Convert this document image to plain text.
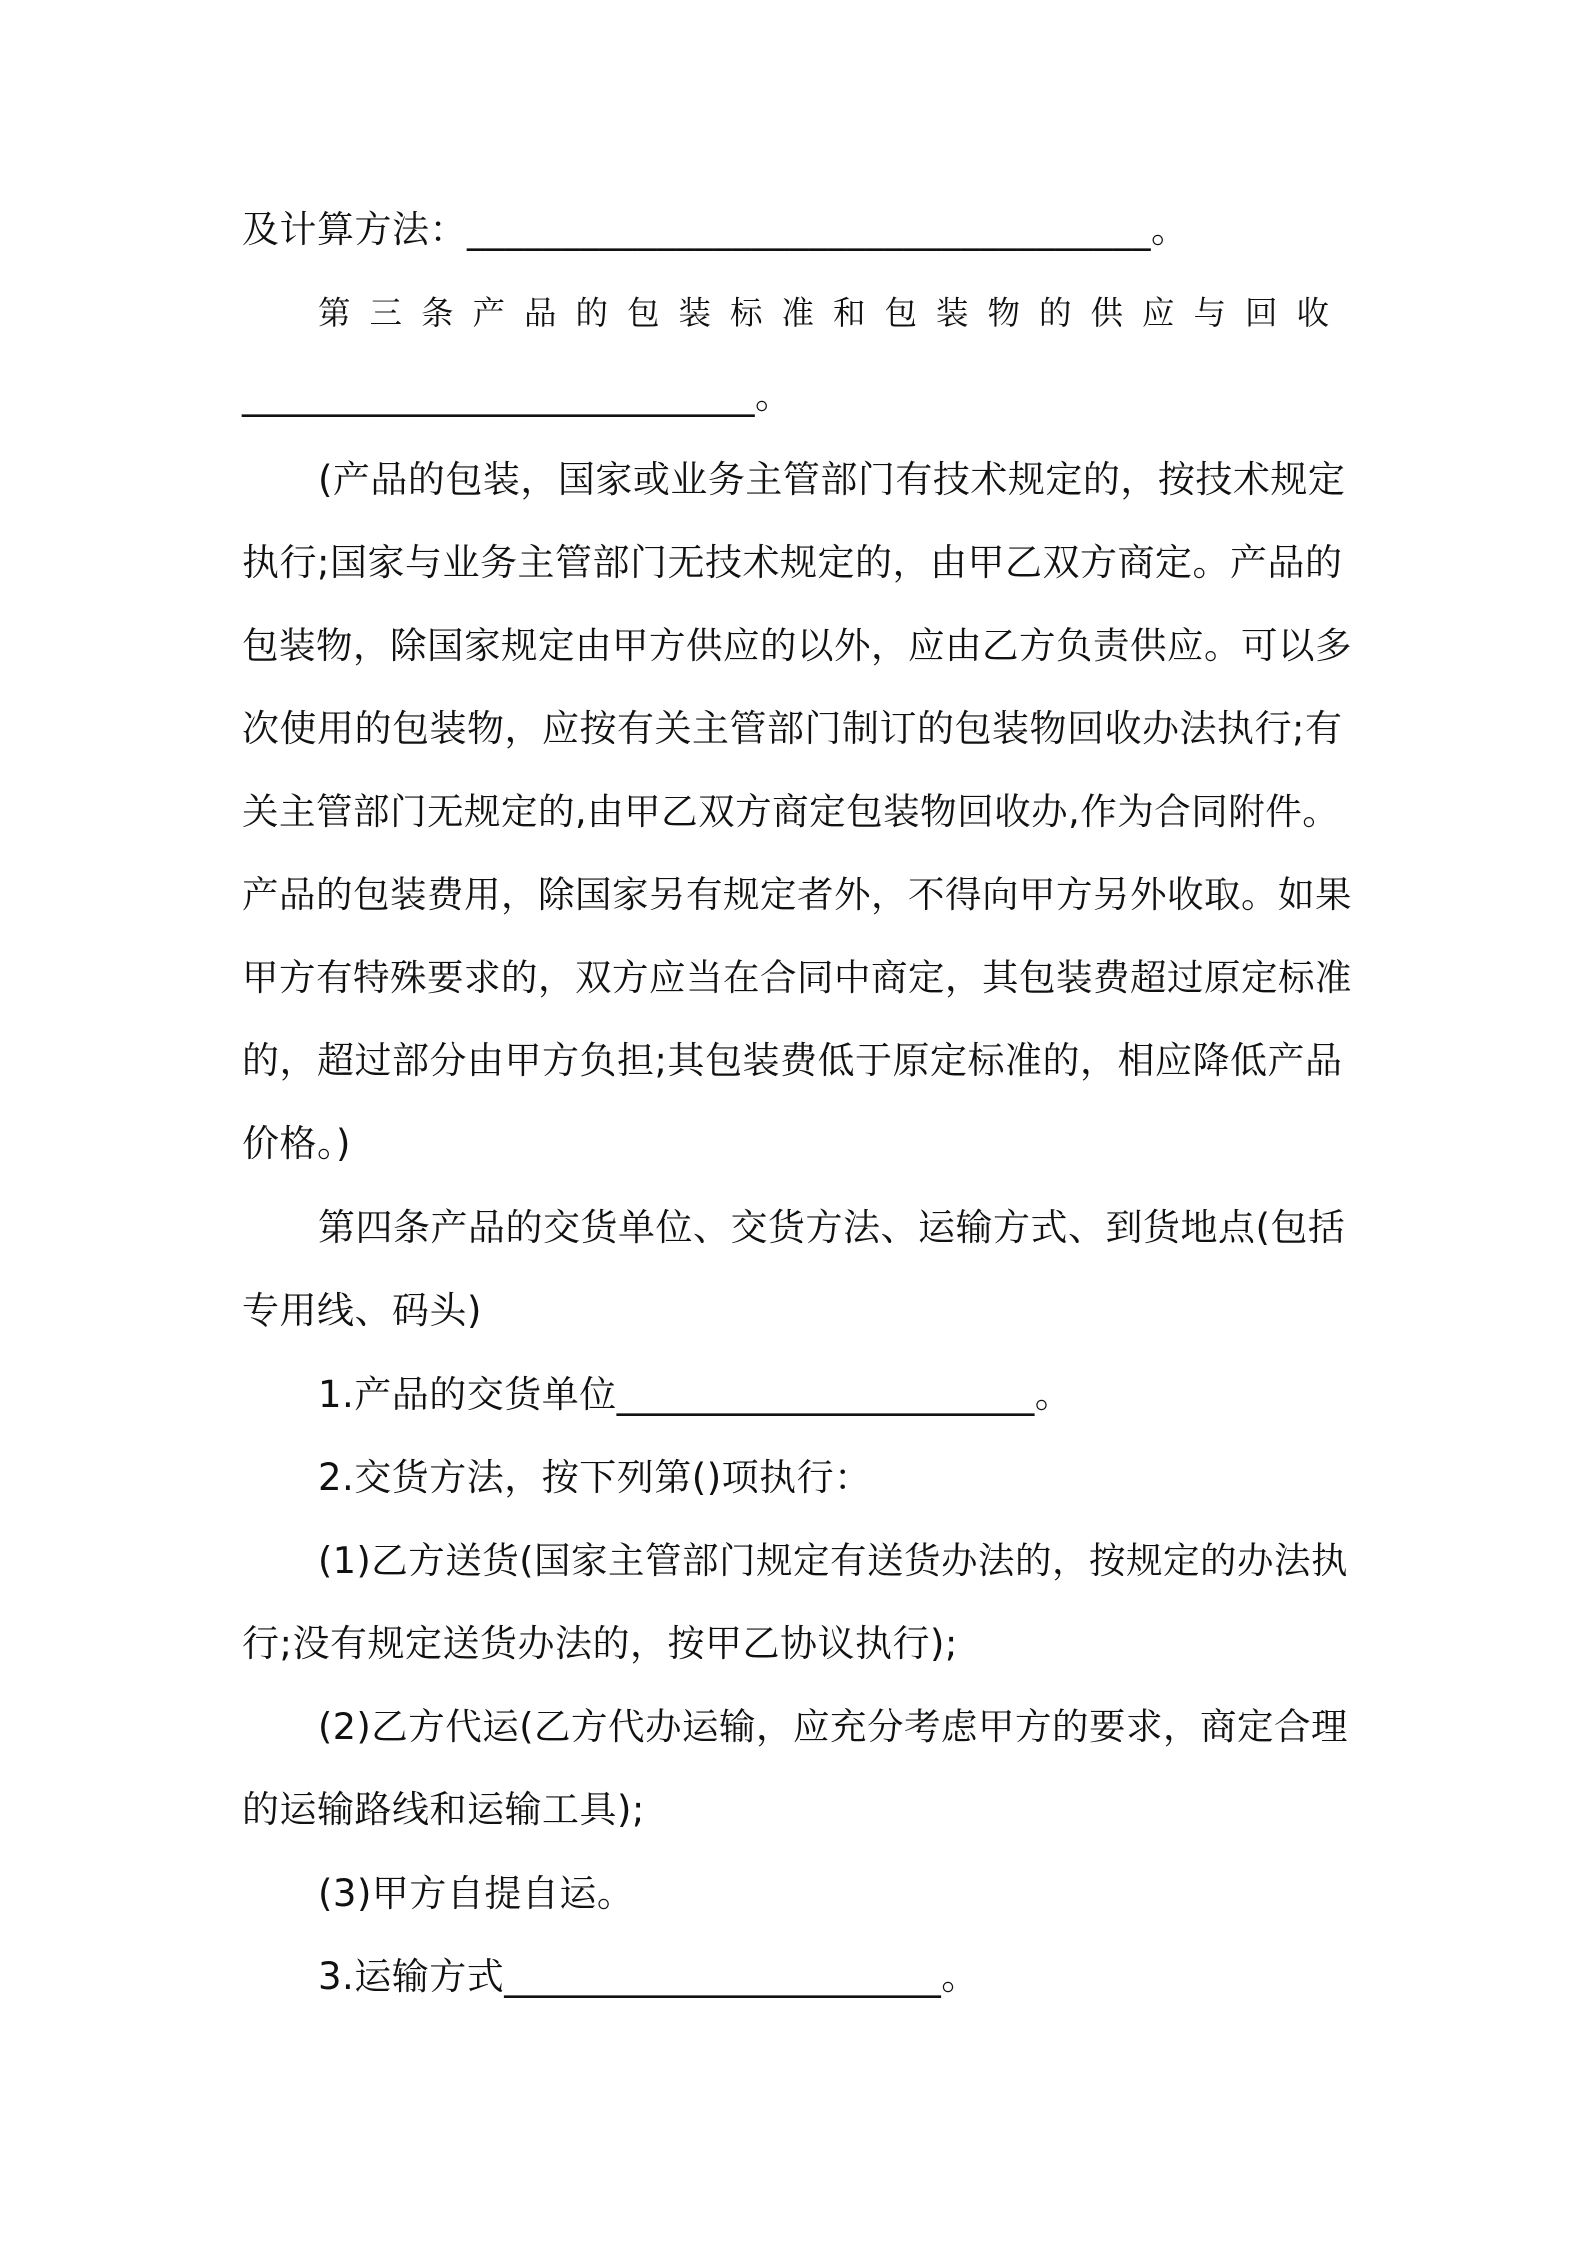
及计算方法：____________________________________。
第三条产品的包装标准和包装物的供应与回收
___________________________。
(产品的包装，国家或业务主管部门有技术规定的，按技术规定
执行;国家与业务主管部门无技术规定的，由甲乙双方商定。产品的
包装物，除国家规定由甲方供应的以外，应由乙方负责供应。可以多
次使用的包装物，应按有关主管部门制订的包装物回收办法执行;有
关主管部门无规定的,由甲乙双方商定包装物回收办,作为合同附件。
产品的包装费用，除国家另有规定者外，不得向甲方另外收取。如果
甲方有特殊要求的，双方应当在合同中商定，其包装费超过原定标准
的，超过部分由甲方负担;其包装费低于原定标准的，相应降低产品
价格。)
第四条产品的交货单位、交货方法、运输方式、到货地点(包括
专用线、码头)
1.产品的交货单位______________________。
2.交货方法，按下列第()项执行：
(1)乙方送货(国家主管部门规定有送货办法的，按规定的办法执
行;没有规定送货办法的，按甲乙协议执行);
(2)乙方代运(乙方代办运输，应充分考虑甲方的要求，商定合理
的运输路线和运输工具);
(3)甲方自提自运。
3.运输方式_______________________。
